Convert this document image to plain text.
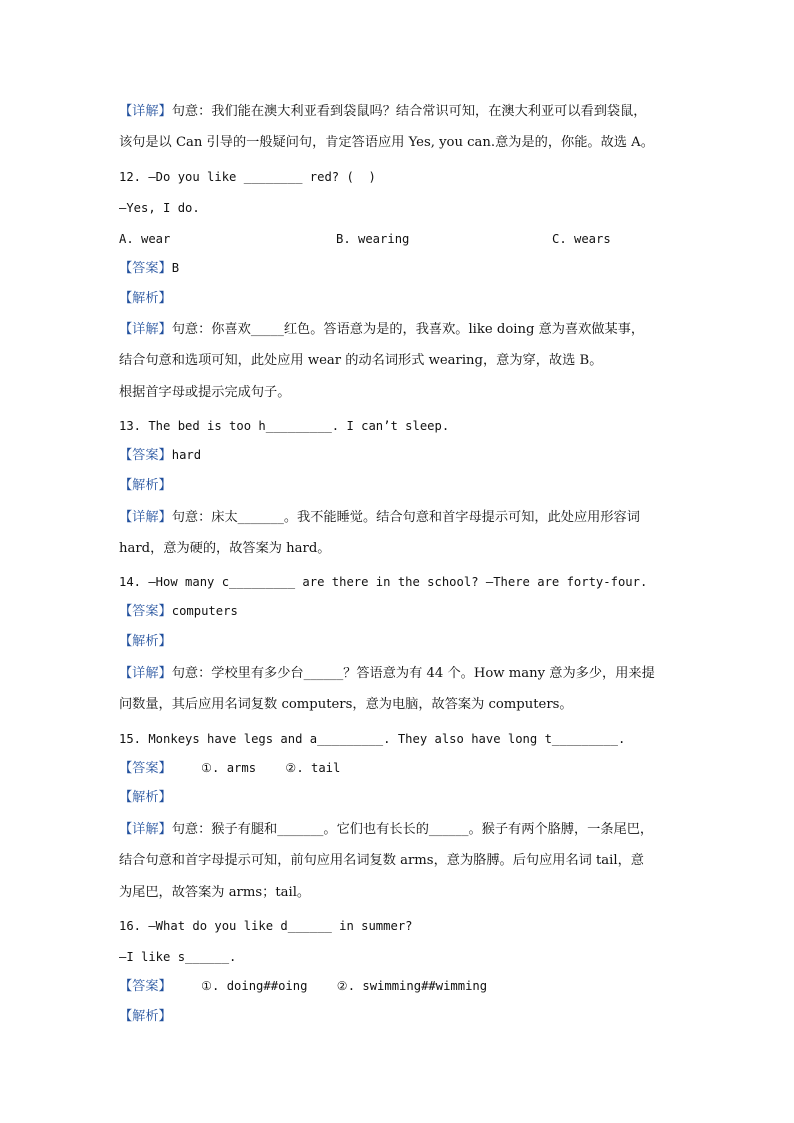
【详解】句意：我们能在澳大利亚看到袋鼠吗？结合常识可知，在澳大利亚可以看到袋鼠，
该句是以 Can 引导的一般疑问句，肯定答语应用 Yes, you can.意为是的，你能。故选 A。
12. —Do you like ________ red? (  )
—Yes, I do.

A. wear

	B. wearing

	C. wears

【答案】B
【解析】
【详解】句意：你喜欢_____红色。答语意为是的，我喜欢。like doing 意为喜欢做某事，
结合句意和选项可知，此处应用 wear 的动名词形式 wearing，意为穿，故选 B。
根据首字母或提示完成句子。
13. The bed is too h_________. I can’t sleep.
【答案】hard
【解析】
【详解】句意：床太_______。我不能睡觉。结合句意和首字母提示可知，此处应用形容词
hard，意为硬的，故答案为 hard。
14. —How many c_________ are there in the school? —There are forty-four.
【答案】computers
【解析】
【详解】句意：学校里有多少台______？答语意为有 44 个。How many 意为多少，用来提
问数量，其后应用名词复数 computers，意为电脑，故答案为 computers。
15. Monkeys have legs and a_________. They also have long t_________.
【答案】    ①. arms    ②. tail
【解析】
【详解】句意：猴子有腿和_______。它们也有长长的______。猴子有两个胳膊，一条尾巴，
结合句意和首字母提示可知，前句应用名词复数 arms，意为胳膊。后句应用名词 tail，意
为尾巴，故答案为 arms；tail。
16. —What do you like d______ in summer?
—I like s______.
【答案】    ①. doing##oing    ②. swimming##wimming
【解析】
